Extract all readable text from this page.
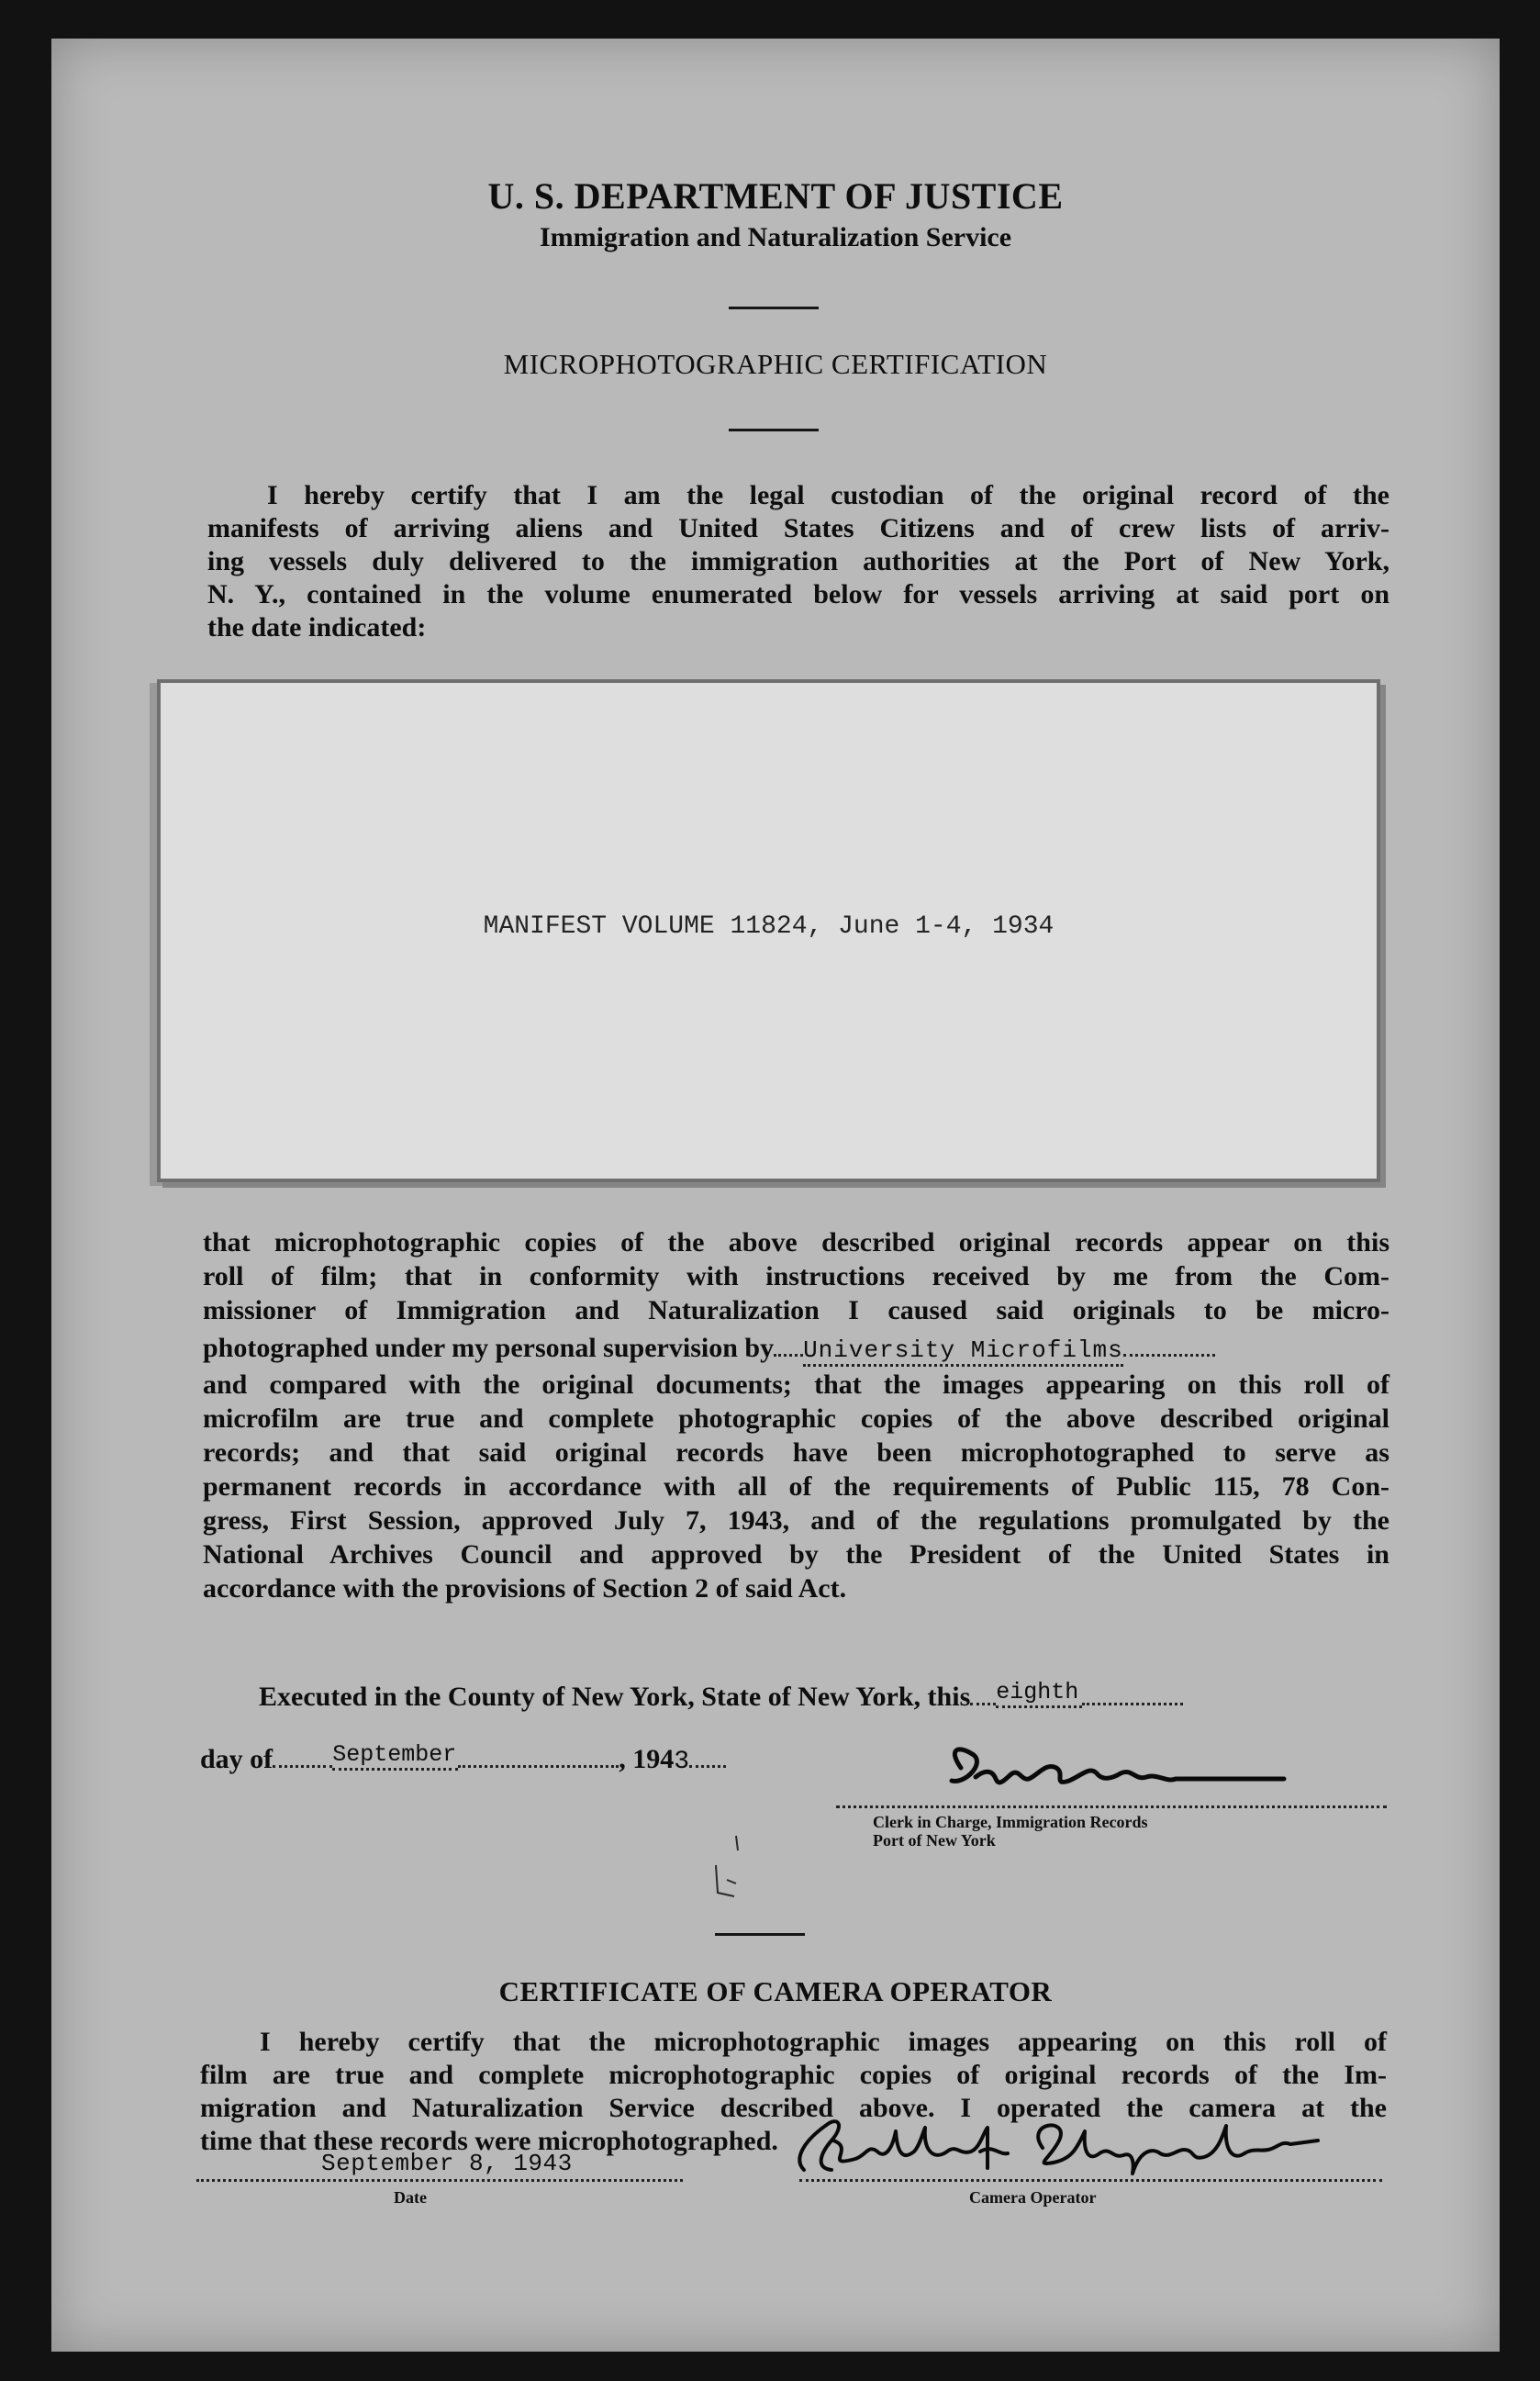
U. S. DEPARTMENT OF JUSTICE
Immigration and Naturalization Service
MICROPHOTOGRAPHIC CERTIFICATION
I hereby certify that I am the legal custodian of the original record of the
manifests of arriving aliens and United States Citizens and of crew lists of arriv-
ing vessels duly delivered to the immigration authorities at the Port of New York,
N. Y., contained in the volume enumerated below for vessels arriving at said port on
the date indicated:
MANIFEST VOLUME 11824, June 1-4, 1934
that microphotographic copies of the above described original records appear on this
roll of film; that in conformity with instructions received by me from the Com-
missioner of Immigration and Naturalization I caused said originals to be micro-
photographed under my personal supervision by University Microfilms
and compared with the original documents; that the images appearing on this roll of
microfilm are true and complete photographic copies of the above described original
records; and that said original records have been microphotographed to serve as
permanent records in accordance with all of the requirements of Public 115, 78 Con-
gress, First Session, approved July 7, 1943, and of the regulations promulgated by the
National Archives Council and approved by the President of the United States in
accordance with the provisions of Section 2 of said Act.
Executed in the County of New York, State of New York, this $^{eighth}$
day of	$^{September}$	, 1943
Clerk in Charge, Immigration Records
Port of New York
CERTIFICATE OF CAMERA OPERATOR
I hereby certify that the microphotographic images appearing on this roll of
film are true and complete microphotographic copies of original records of the Im-
migration and Naturalization Service described above. I operated the camera at the
time that these records were microphotographed.
September 8, 1943
Date	Camera Operator
